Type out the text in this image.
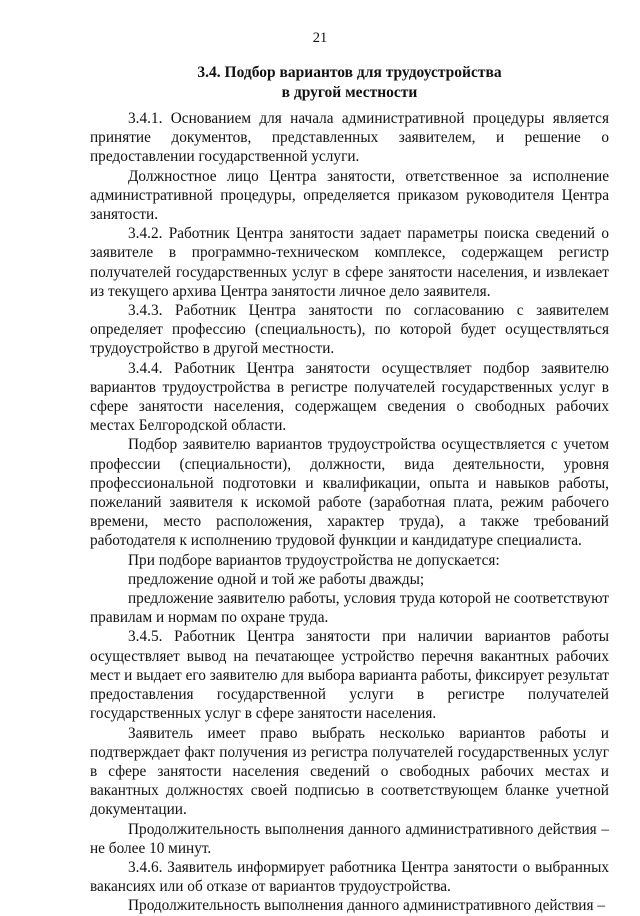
21
3.4. Подбор вариантов для трудоустройства
в другой местности

3.4.1. Основанием для начала административной процедуры является принятие документов, представленных заявителем, и решение о предоставлении государственной услуги.

Должностное лицо Центра занятости, ответственное за исполнение административной процедуры, определяется приказом руководителя Центра занятости.

3.4.2. Работник Центра занятости задает параметры поиска сведений о заявителе в программно-техническом комплексе, содержащем регистр получателей государственных услуг в сфере занятости населения, и извлекает из текущего архива Центра занятости личное дело заявителя.

3.4.3. Работник Центра занятости по согласованию с заявителем определяет профессию (специальность), по которой будет осуществляться трудоустройство в другой местности.

3.4.4. Работник Центра занятости осуществляет подбор заявителю вариантов трудоустройства в регистре получателей государственных услуг в сфере занятости населения, содержащем сведения о свободных рабочих местах Белгородской области.

Подбор заявителю вариантов трудоустройства осуществляется с учетом профессии (специальности), должности, вида деятельности, уровня профессиональной подготовки и квалификации, опыта и навыков работы, пожеланий заявителя к искомой работе (заработная плата, режим рабочего времени, место расположения, характер труда), а также требований работодателя к исполнению трудовой функции и кандидатуре специалиста.

При подборе вариантов трудоустройства не допускается:

предложение одной и той же работы дважды;

предложение заявителю работы, условия труда которой не соответствуют правилам и нормам по охране труда.

3.4.5. Работник Центра занятости при наличии вариантов работы осуществляет вывод на печатающее устройство перечня вакантных рабочих мест и выдает его заявителю для выбора варианта работы, фиксирует результат предоставления государственной услуги в регистре получателей государственных услуг в сфере занятости населения.

Заявитель имеет право выбрать несколько вариантов работы и подтверждает факт получения из регистра получателей государственных услуг в сфере занятости населения сведений о свободных рабочих местах и вакантных должностях своей подписью в соответствующем бланке учетной документации.

Продолжительность выполнения данного административного действия – не более 10 минут.

3.4.6. Заявитель информирует работника Центра занятости о выбранных вакансиях или об отказе от вариантов трудоустройства.

Продолжительность выполнения данного административного действия –
